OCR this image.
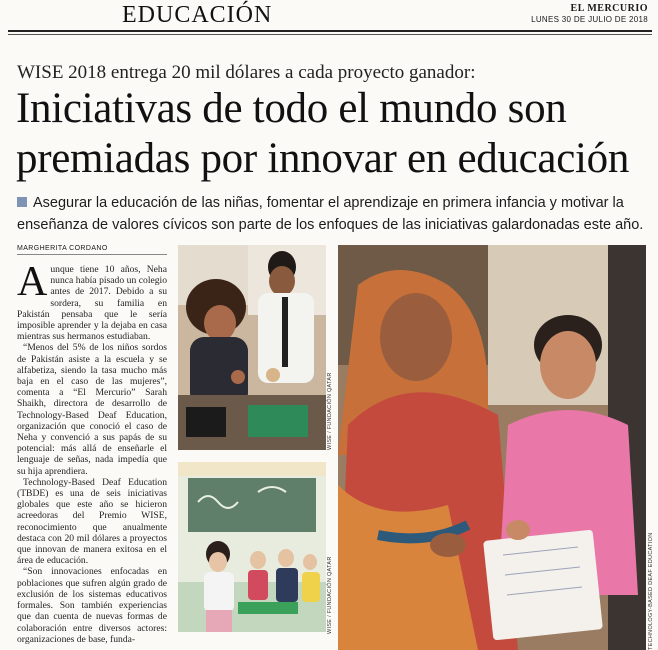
EDUCACIÓN	EL MERCURIO
LUNES 30 DE JULIO DE 2018
WISE 2018 entrega 20 mil dólares a cada proyecto ganador:
Iniciativas de todo el mundo son premiadas por innovar en educación
Asegurar la educación de las niñas, fomentar el aprendizaje en primera infancia y motivar la enseñanza de valores cívicos son parte de los enfoques de las iniciativas galardonadas este año.
MARGHERITA CORDANO

Aunque tiene 10 años, Neha nunca había pisado un colegio antes de 2017. Debido a su sordera, su familia en Pakistán pensaba que le sería imposible aprender y la dejaba en casa mientras sus hermanos estudiaban.

“Menos del 5% de los niños sordos de Pakistán asiste a la escuela y se alfabetiza, siendo la tasa mucho más baja en el caso de las mujeres”, comenta a “El Mercurio” Sarah Shaikh, directora de desarrollo de Technology-Based Deaf Education, organización que conoció el caso de Neha y convenció a sus papás de su potencial: más allá de enseñarle el lenguaje de señas, nada impedía que su hija aprendiera.

Technology-Based Deaf Education (TBDE) es una de seis iniciativas globales que este año se hicieron acreedoras del Premio WISE, reconocimiento que anualmente destaca con 20 mil dólares a proyectos que innovan de manera exitosa en el área de educación.

“Son innovaciones enfocadas en poblaciones que sufren algún grado de exclusión de los sistemas educativos formales. Son también experiencias que dan cuenta de nuevas formas de colaboración entre diversos actores: organizaciones de base, funda-

WISE / FUNDACIÓN QATAR
WISE / FUNDACIÓN QATAR	TECHNOLOGY-BASED DEAF EDUCATION
